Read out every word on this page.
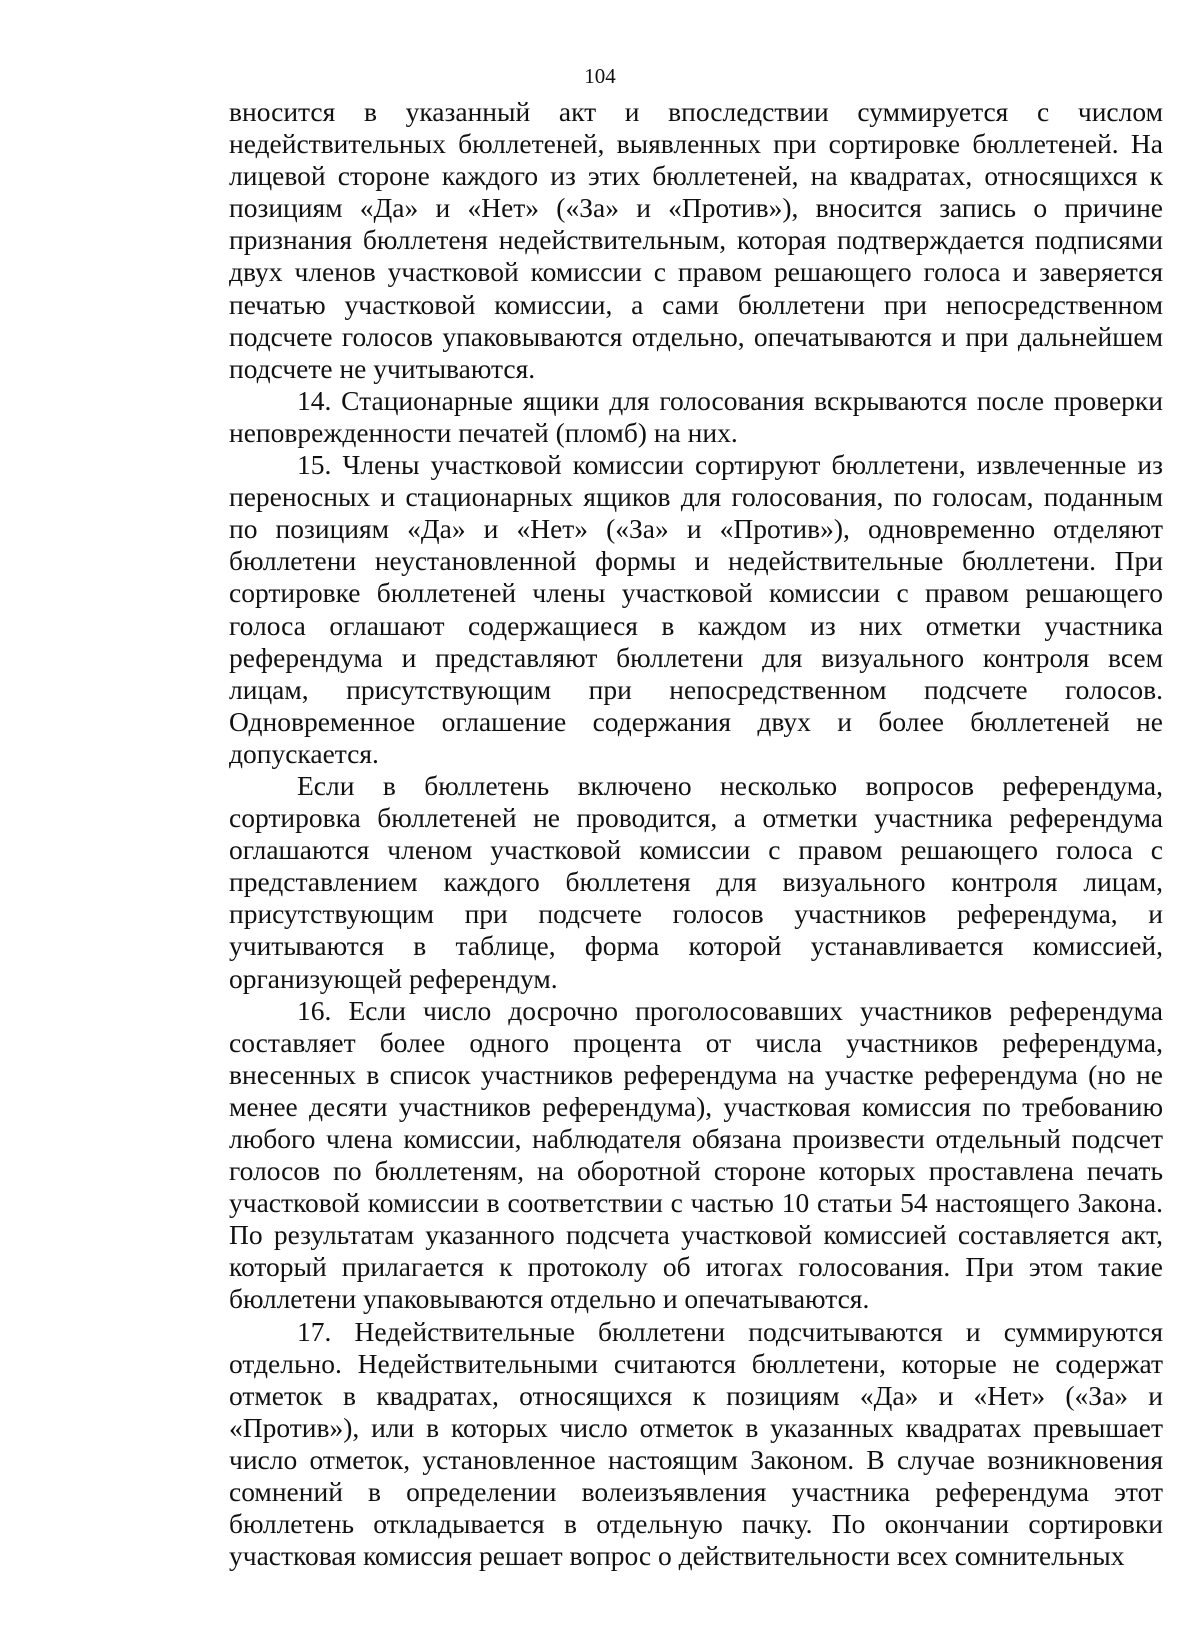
104

вносится в указанный акт и впоследствии суммируется с числом недействительных бюллетеней, выявленных при сортировке бюллетеней. На лицевой стороне каждого из этих бюллетеней, на квадратах, относящихся к позициям «Да» и «Нет» («За» и «Против»), вносится запись о причине признания бюллетеня недействительным, которая подтверждается подписями двух членов участковой комиссии с правом решающего голоса и заверяется печатью участковой комиссии, а сами бюллетени при непосредственном подсчете голосов упаковываются отдельно, опечатываются и при дальнейшем подсчете не учитываются.

14. Стационарные ящики для голосования вскрываются после проверки неповрежденности печатей (пломб) на них.

15. Члены участковой комиссии сортируют бюллетени, извлеченные из переносных и стационарных ящиков для голосования, по голосам, поданным по позициям «Да» и «Нет» («За» и «Против»), одновременно отделяют бюллетени неустановленной формы и недействительные бюллетени. При сортировке бюллетеней члены участковой комиссии с правом решающего голоса оглашают содержащиеся в каждом из них отметки участника референдума и представляют бюллетени для визуального контроля всем лицам, присутствующим при непосредственном подсчете голосов. Одновременное оглашение содержания двух и более бюллетеней не допускается.

Если в бюллетень включено несколько вопросов референдума, сортировка бюллетеней не проводится, а отметки участника референдума оглашаются членом участковой комиссии с правом решающего голоса с представлением каждого бюллетеня для визуального контроля лицам, присутствующим при подсчете голосов участников референдума, и учитываются в таблице, форма которой устанавливается комиссией, организующей референдум.

16. Если число досрочно проголосовавших участников референдума составляет более одного процента от числа участников референдума, внесенных в список участников референдума на участке референдума (но не менее десяти участников референдума), участковая комиссия по требованию любого члена комиссии, наблюдателя обязана произвести отдельный подсчет голосов по бюллетеням, на оборотной стороне которых проставлена печать участковой комиссии в соответствии с частью 10 статьи 54 настоящего Закона. По результатам указанного подсчета участковой комиссией составляется акт, который прилагается к протоколу об итогах голосования. При этом такие бюллетени упаковываются отдельно и опечатываются.

17. Недействительные бюллетени подсчитываются и суммируются отдельно. Недействительными считаются бюллетени, которые не содержат отметок в квадратах, относящихся к позициям «Да» и «Нет» («За» и «Против»), или в которых число отметок в указанных квадратах превышает число отметок, установленное настоящим Законом. В случае возникновения сомнений в определении волеизъявления участника референдума этот бюллетень откладывается в отдельную пачку. По окончании сортировки участковая комиссия решает вопрос о действительности всех сомнительных
